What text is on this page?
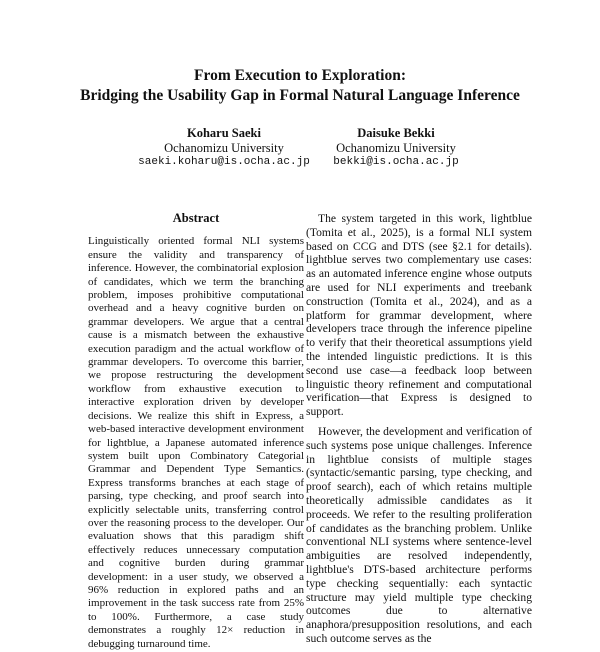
From Execution to Exploration:
Bridging the Usability Gap in Formal Natural Language Inference
Koharu Saeki
Ochanomizu University
saeki.koharu@is.ocha.ac.jp
Daisuke Bekki
Ochanomizu University
bekki@is.ocha.ac.jp
Abstract

Linguistically oriented formal NLI systems ensure the validity and transparency of inference. However, the combinatorial explosion of candidates, which we term the branching problem, imposes prohibitive computational overhead and a heavy cognitive burden on grammar developers. We argue that a central cause is a mismatch between the exhaustive execution paradigm and the actual workflow of grammar developers. To overcome this barrier, we propose restructuring the development workflow from exhaustive execution to interactive exploration driven by developer decisions. We realize this shift in Express, a web-based interactive development environment for lightblue, a Japanese automated inference system built upon Combinatory Categorial Grammar and Dependent Type Semantics. Express transforms branches at each stage of parsing, type checking, and proof search into explicitly selectable units, transferring control over the reasoning process to the developer. Our evaluation shows that this paradigm shift effectively reduces unnecessary computation and cognitive burden during grammar development: in a user study, we observed a 96% reduction in explored paths and an improvement in the task success rate from 25% to 100%. Furthermore, a case study demonstrates a roughly 12× reduction in debugging turnaround time.

The system targeted in this work, lightblue (Tomita et al., 2025), is a formal NLI system based on CCG and DTS (see §2.1 for details). lightblue serves two complementary use cases: as an automated inference engine whose outputs are used for NLI experiments and treebank construction (Tomita et al., 2024), and as a platform for grammar development, where developers trace through the inference pipeline to verify that their theoretical assumptions yield the intended linguistic predictions. It is this second use case—a feedback loop between linguistic theory refinement and computational verification—that Express is designed to support.

However, the development and verification of such systems pose unique challenges. Inference in lightblue consists of multiple stages (syntactic/semantic parsing, type checking, and proof search), each of which retains multiple theoretically admissible candidates as it proceeds. We refer to the resulting proliferation of candidates as the branching problem. Unlike conventional NLI systems where sentence-level ambiguities are resolved independently, lightblue's DTS-based architecture performs type checking sequentially: each syntactic structure may yield multiple type checking outcomes due to alternative anaphora/presupposition resolutions, and each such outcome serves as the
